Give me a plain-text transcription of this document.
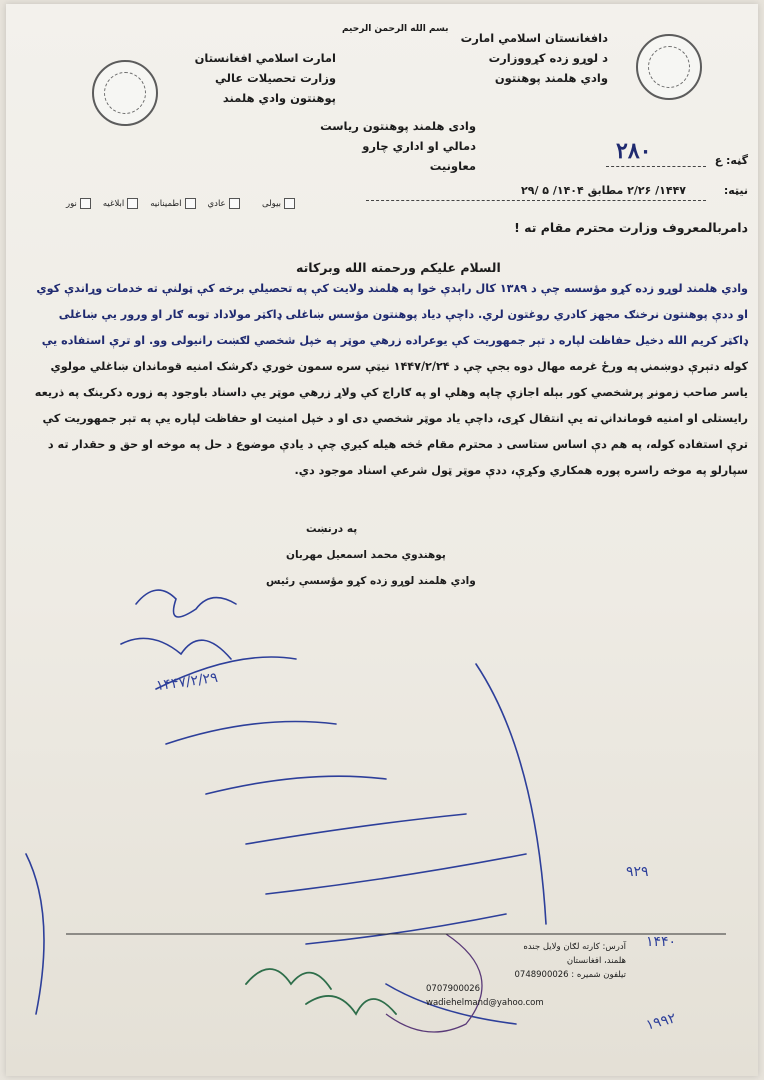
دافغانستان اسلامي امارت
د لوړو زده کړووزارت
وادي هلمند پوهنتون
امارت اسلامي افغانستان
وزارت تحصیلات عالي
پوهنتون وادي هلمند
بسم الله الرحمن الرحیم
وادی هلمند پوهنتون ریاست
دمالي او اداري چارو معاونیت	گڼه: ع
۲۸۰
نیټه:
۱۴۴۷/ ۲/۲۶ مطابق ۱۴۰۴/ ۵ /۲۹
عادي
اطمینانیه
ابلاغیه
نور	بیولی
دامربالمعروف وزارت محترم مقام ته !
السلام علیکم ورحمته الله وبرکاته
وادي هلمند لوړو زده کړو مؤسسه چې د ۱۳۸۹ کال راېدې خوا په هلمند ولایت کې په تحصیلي برخه کې ټولنې ته خدمات وړاندې کوي
او ددې پوهنتون نرخنګ مجهز کادري روغتون لري. داچې دیاد پوهنتون مؤسس ښاغلی ډاکټر مولاداد توبه ګار او ورور یې ښاغلی
ډاکټر کریم الله دخیل حفاظت لپاره د تېر جمهوریت کې یوعراده زرهي موټر په خپل شخصي لګښت رانیولی وو. او ترې استفاده یې
کوله دتېرې دوښمنۍ په ورځ غرمه مهال دوه بجې چې د ۱۴۴۷/۲/۲۴ نیټې سره سمون خوري دګرشک امنیه قوماندان ښاغلي مولوي
یاسر صاحب زمونږ پرشخصي کور بېله اجازې چاپه وهلې او په ګاراج کې ولاړ زرهي موټر یې داسناد باوجود په زوره دکرینګ په ذریعه
رایستلی او امنیه قوماندانۍ ته یې انتقال کړی، داچې یاد موټر شخصي دی او د خپل امنیت او حفاظت لپاره یې په تېر جمهوریت کې
ترې استفاده کوله، په هم دې اساس ستاسی د محترم مقام څخه هیله کیږي چې د یادې موضوع د حل په موخه او حق و حقدار ته د
سپارلو په موخه راسره پوره همکاري وکړې، ددې موټر ټول شرعي اسناد موجود دي.
په درنښت
پوهندوي محمد اسمعیل مهربان
وادي هلمند لوړو زده کړو مؤسسې رئیس
۱۴۴۷/۲/۲۹
۹۲۹
۱۴۴۰
۱۹۹۲
آدرس: کارته لګان ولایل جنده
هلمند، افغانستان
تیلفون شمیره : 0748900026
0707900026
wadiehelmand@yahoo.com
